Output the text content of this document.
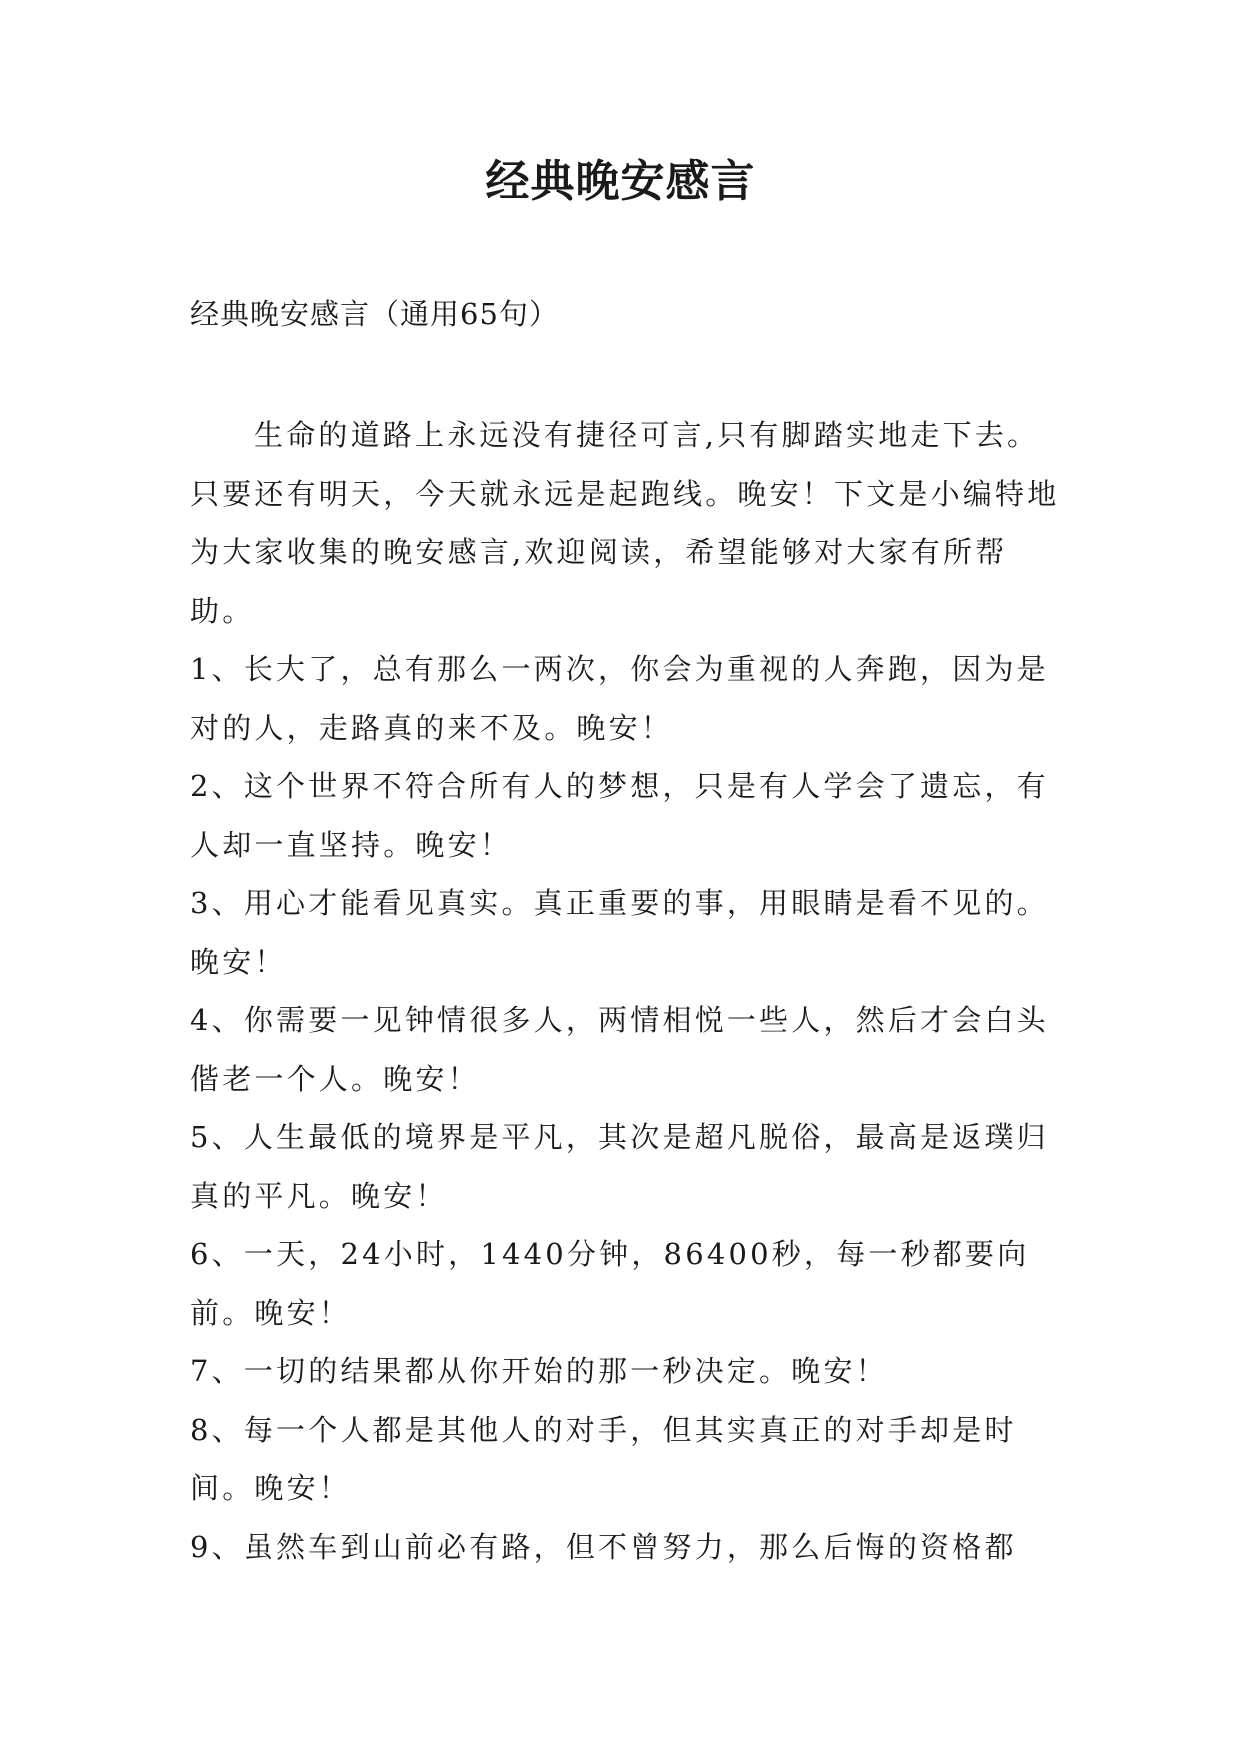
经典晚安感言

经典晚安感言（通用65句）

生命的道路上永远没有捷径可言,只有脚踏实地走下去。只要还有明天，今天就永远是起跑线。晚安！下文是小编特地为大家收集的晚安感言,欢迎阅读，希望能够对大家有所帮助。

1、长大了，总有那么一两次，你会为重视的人奔跑，因为是对的人，走路真的来不及。晚安！

2、这个世界不符合所有人的梦想，只是有人学会了遗忘，有人却一直坚持。晚安！

3、用心才能看见真实。真正重要的事，用眼睛是看不见的。晚安！

4、你需要一见钟情很多人，两情相悦一些人，然后才会白头偕老一个人。晚安！

5、人生最低的境界是平凡，其次是超凡脱俗，最高是返璞归真的平凡。晚安！

6、一天，24小时，1440分钟，86400秒，每一秒都要向前。晚安！

7、一切的结果都从你开始的那一秒决定。晚安！

8、每一个人都是其他人的对手，但其实真正的对手却是时间。晚安！

9、虽然车到山前必有路，但不曾努力，那么后悔的资格都
